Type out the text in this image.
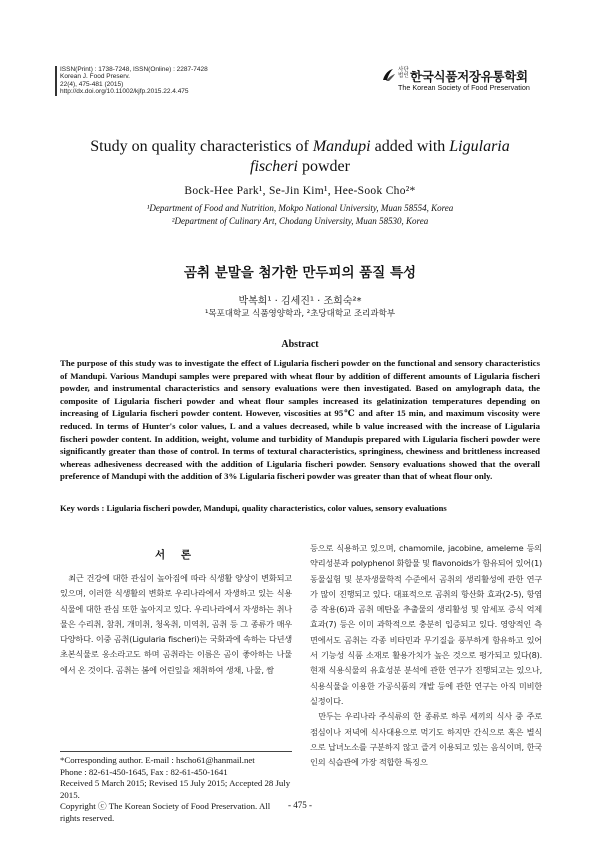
ISSN(Print) : 1738-7248, ISSN(Online) : 2287-7428
Korean J. Food Preserv.
22(4), 475-481 (2015)
http://dx.doi.org/10.11002/kjfp.2015.22.4.475
사단 법인 한국식품저장유통학회
The Korean Society of Food Preservation
Study on quality characteristics of Mandupi added with Ligularia
fischeri powder
Bock-Hee Park¹, Se-Jin Kim¹, Hee-Sook Cho²*
¹Department of Food and Nutrition, Mokpo National University, Muan 58554, Korea
²Department of Culinary Art, Chodang University, Muan 58530, Korea
곰취 분말을 첨가한 만두피의 품질 특성
박복희¹ · 김세진¹ · 조희숙²*
¹목포대학교 식품영양학과, ²초당대학교 조리과학부
Abstract
The purpose of this study was to investigate the effect of Ligularia fischeri powder on the functional and sensory characteristics of Mandupi. Various Mandupi samples were prepared with wheat flour by addition of different amounts of Ligularia fischeri powder, and instrumental characteristics and sensory evaluations were then investigated. Based on amylograph data, the composite of Ligularia fischeri powder and wheat flour samples increased its gelatinization temperatures depending on increasing of Ligularia fischeri powder content. However, viscosities at 95℃ and after 15 min, and maximum viscosity were reduced. In terms of Hunter's color values, L and a values decreased, while b value increased with the increase of Ligularia fischeri powder content. In addition, weight, volume and turbidity of Mandupis prepared with Ligularia fischeri powder were significantly greater than those of control. In terms of textural characteristics, springiness, chewiness and brittleness increased whereas adhesiveness decreased with the addition of Ligularia fischeri powder. Sensory evaluations showed that the overall preference of Mandupi with the addition of 3% Ligularia fischeri powder was greater than that of wheat flour only.
Key words : Ligularia fischeri powder, Mandupi, quality characteristics, color values, sensory evaluations
서 론

최근 건강에 대한 관심이 높아짐에 따라 식생활 양상이 변화되고 있으며, 이러한 식생활의 변화로 우리나라에서 자생하고 있는 식용식물에 대한 관심 또한 높아지고 있다. 우리나라에서 자생하는 취나물은 수리취, 참취, 개미취, 청옥취, 미역취, 곰취 등 그 종류가 매우 다양하다. 이중 곰취(Ligularia fischeri)는 국화과에 속하는 다년생 초본식물로 옹소라고도 하며 곰취라는 이름은 곰이 좋아하는 나물에서 온 것이다. 곰취는 봄에 어린잎을 채취하여 생채, 나물, 쌈

등으로 식용하고 있으며, chamomile, jacobine, ameleme 등의 약리성분과 polyphenol 화합물 및 flavonoids가 함유되어 있어(1) 동물실험 및 분자생물학적 수준에서 곰취의 생리활성에 관한 연구가 많이 진행되고 있다. 대표적으로 곰취의 항산화 효과(2-5), 항염증 작용(6)과 곰취 메탄올 추출물의 생리활성 및 암세포 증식 억제 효과(7) 등은 이미 과학적으로 충분히 입증되고 있다. 영양적인 측면에서도 곰취는 각종 비타민과 무기질을 풍부하게 함유하고 있어서 기능성 식품 소재로 활용가치가 높은 것으로 평가되고 있다(8). 현재 식용식물의 유효성분 분석에 관한 연구가 진행되고는 있으나, 식용식물을 이용한 가공식품의 개발 등에 관한 연구는 아직 미비한 실정이다.

만두는 우리나라 주식류의 한 종류로 하루 세끼의 식사 중 주로 점심이나 저녁에 식사대용으로 먹기도 하지만 간식으로 혹은 별식으로 납녀노소를 구분하지 않고 즐겨 이용되고 있는 음식이며, 한국인의 식습관에 가장 적합한 특징으

*Corresponding author. E-mail : hscho61@hanmail.net

Phone : 82-61-450-1645, Fax : 82-61-450-1641

Received 5 March 2015; Revised 15 July 2015; Accepted 28 July 2015.

Copyright ⓒ The Korean Society of Food Preservation. All rights reserved.

- 475 -
